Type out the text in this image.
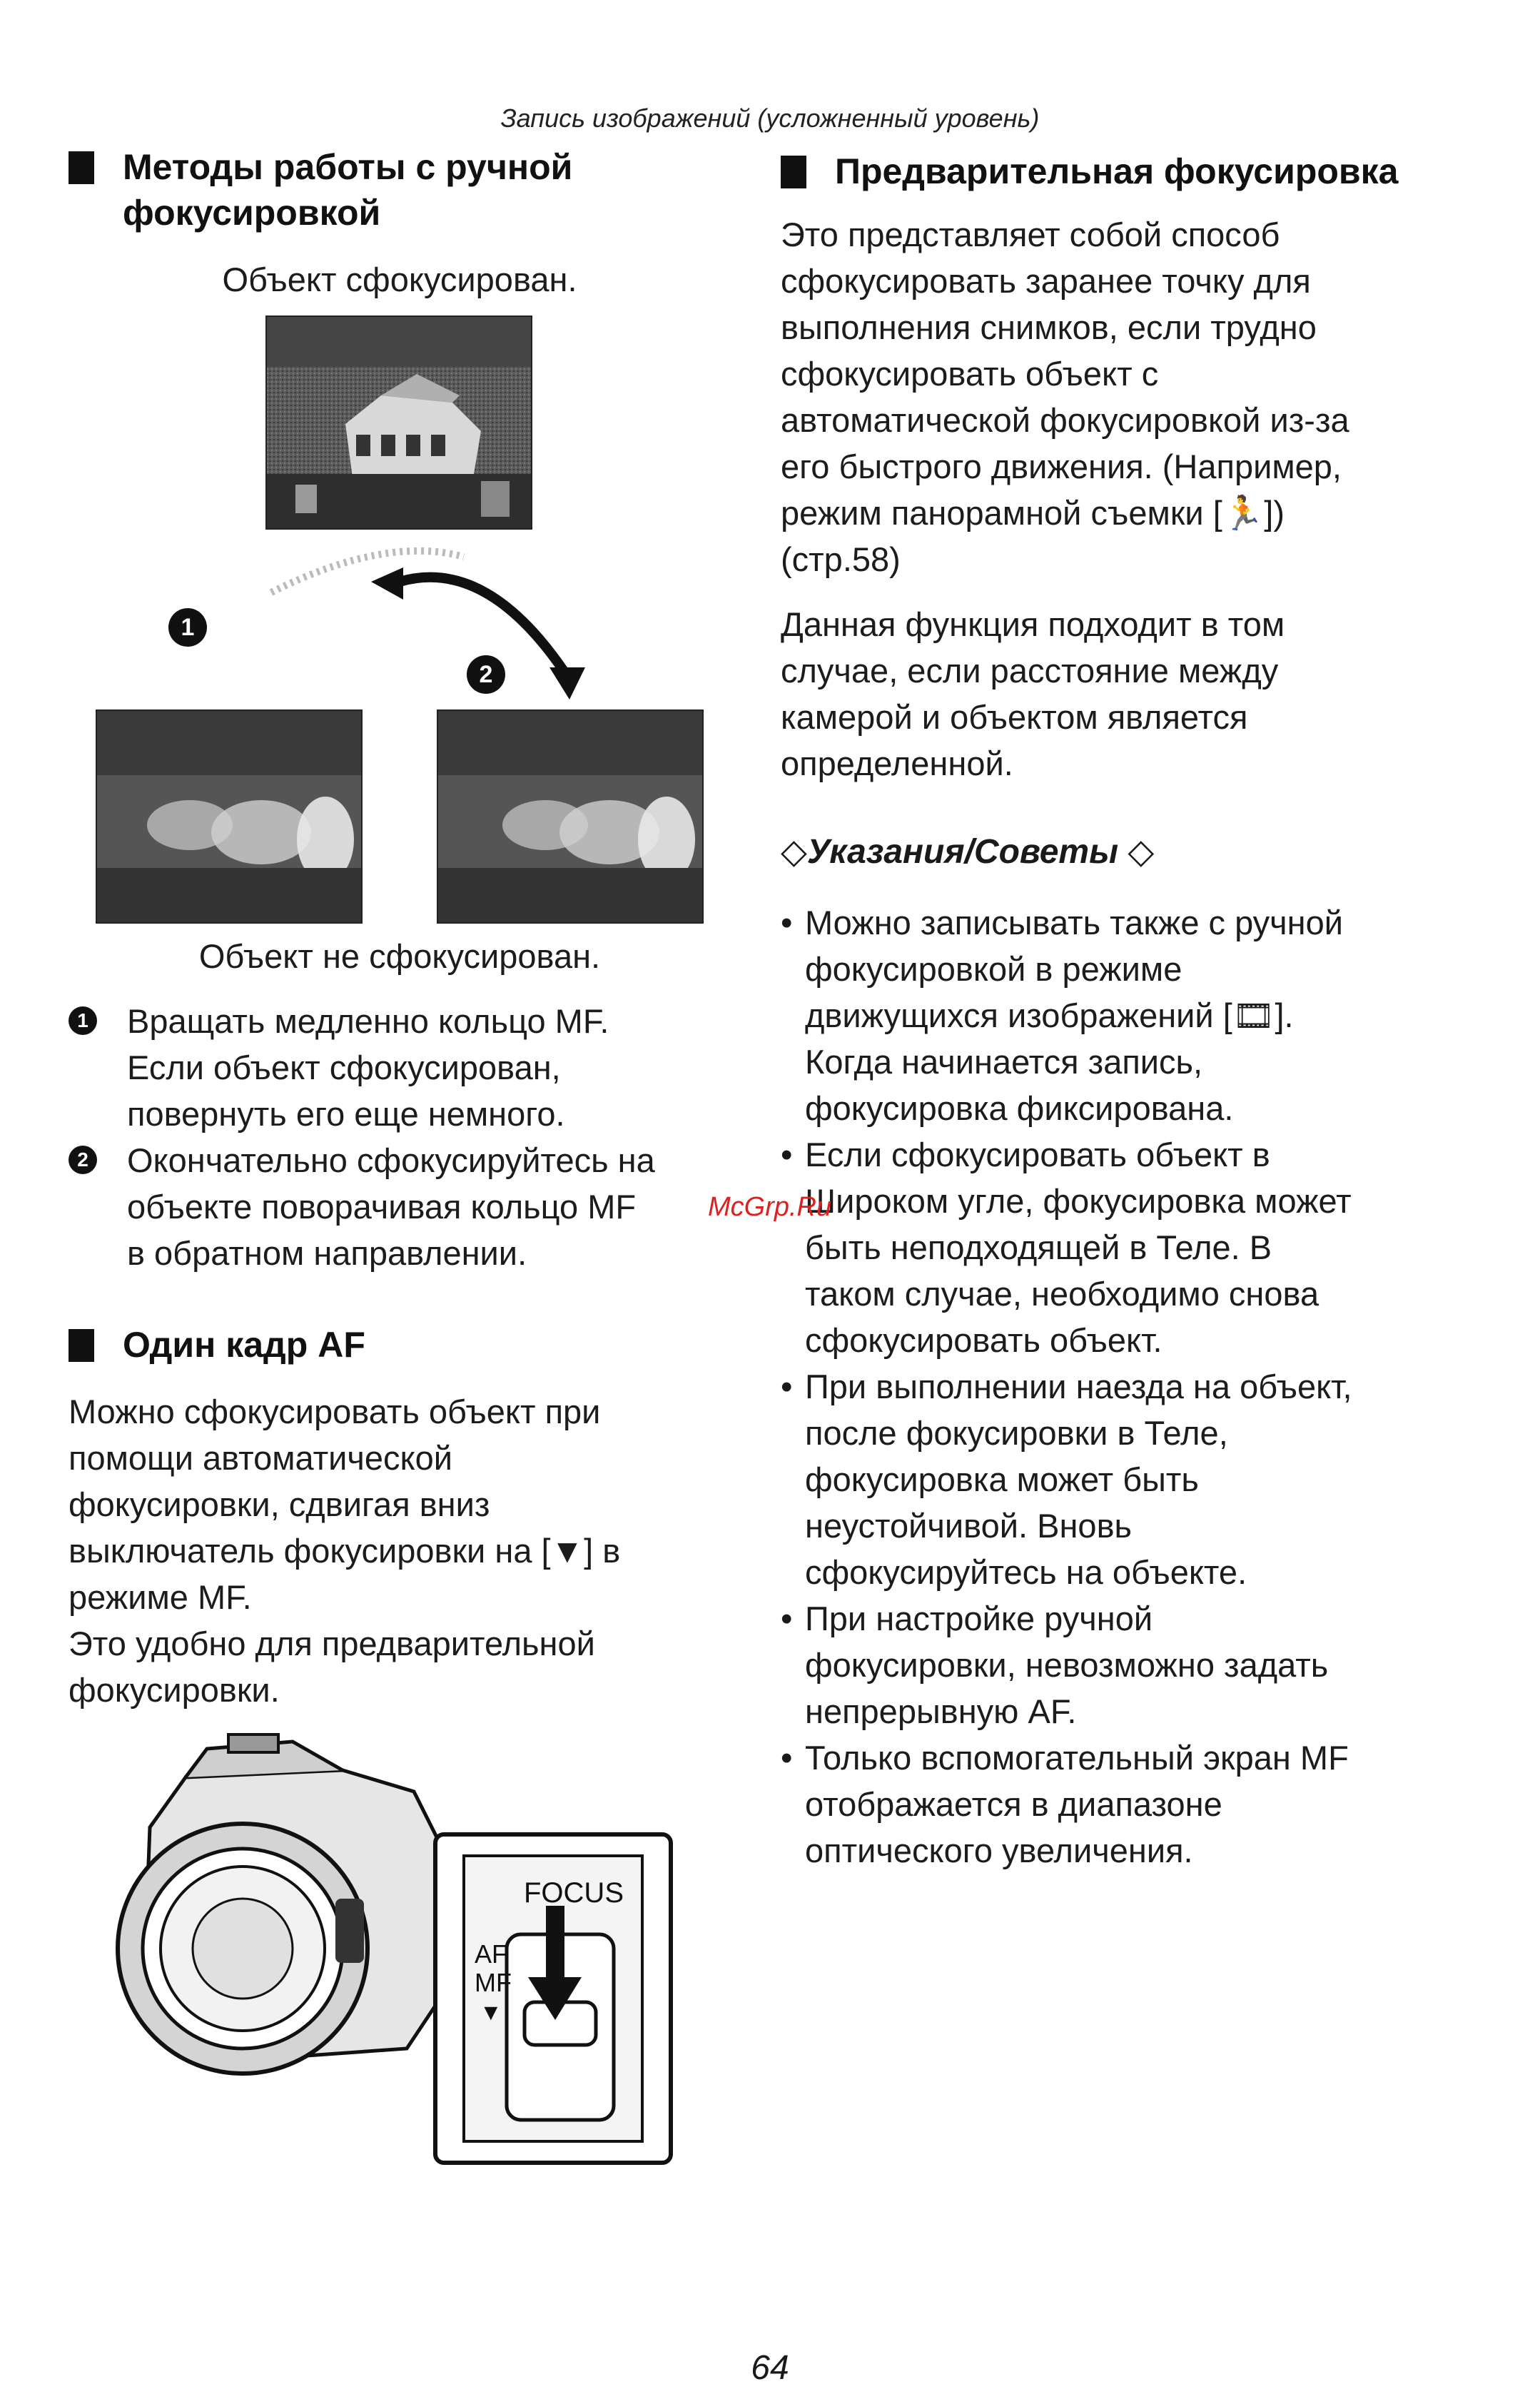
Запись изображений (усложненный уровень)
Методы работы с ручной
фокусировкой
Объект сфокусирован.
1
2
Объект не сфокусирован.
1 Вращать медленно кольцо MF.
Если объект сфокусирован,
повернуть его еще немного.
2 Окончательно сфокусируйтесь на
объекте поворачивая кольцо MF
в обратном направлении.
Один кадр AF
Можно сфокусировать объект при
помощи автоматической
фокусировки, сдвигая вниз
выключатель фокусировки на [▼] в
режиме MF.
Это удобно для предварительной
фокусировки.
FOCUS
AF
MF
▼
Предварительная фокусировка
Это представляет собой способ
сфокусировать заранее точку для
выполнения снимков, если трудно
сфокусировать объект с
автоматической фокусировкой из-за
его быстрого движения. (Например,
режим панорамной съемки [🏃])
(стр.58)
Данная функция подходит в том
случае, если расстояние между
камерой и объектом является
определенной.
◇Указания/Советы ◇
• Можно записывать также с ручной
фокусировкой в режиме
движущихся изображений [🎞].
Когда начинается запись,
фокусировка фиксирована.
• Если сфокусировать объект в
Широком угле, фокусировка может
быть неподходящей в Теле. В
таком случае, необходимо снова
сфокусировать объект.
• При выполнении наезда на объект,
после фокусировки в Теле,
фокусировка может быть
неустойчивой. Вновь
сфокусируйтесь на объекте.
• При настройке ручной
фокусировки, невозможно задать
непрерывную AF.
• Только вспомогательный экран MF
отображается в диапазоне
оптического увеличения.
McGrp.Ru
64
